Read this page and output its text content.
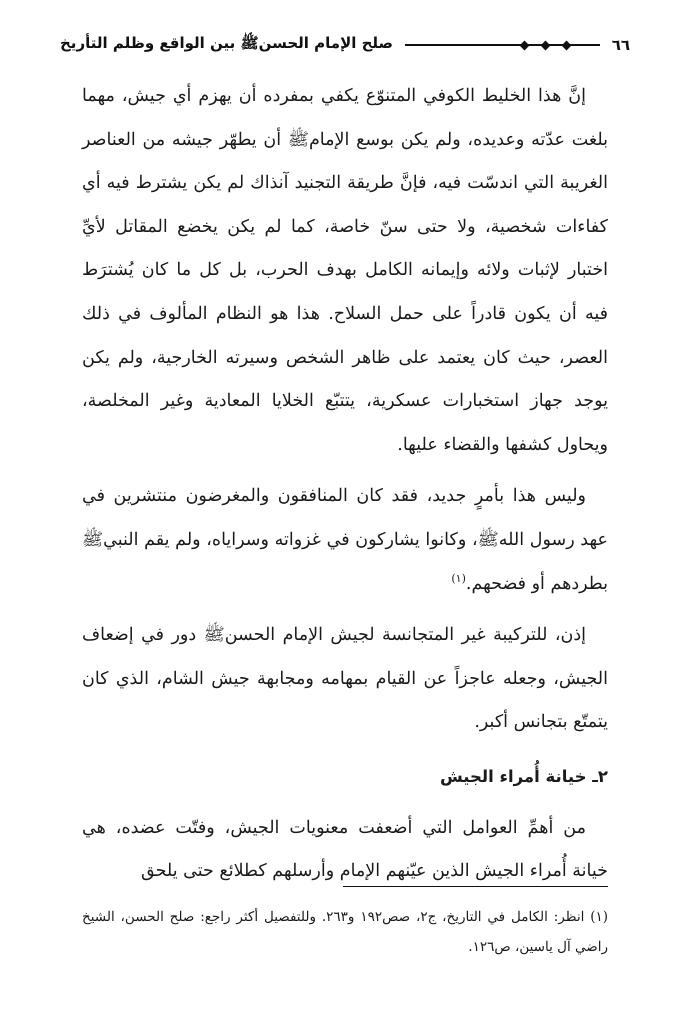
٦٦
صلح الإمام الحسنﷺ بين الواقع وظلم التأريخ

إنَّ هذا الخليط الكوفي المتنوّع يكفي بمفرده أن يهزم أي جيش، مهما بلغت عدّته وعديده، ولم يكن بوسع الإمامﷺ أن يطهّر جيشه من العناصر الغريبة التي اندسّت فيه، فإنَّ طريقة التجنيد آنذاك لم يكن يشترط فيه أي كفاءات شخصية، ولا حتى سنّ خاصة، كما لم يكن يخضع المقاتل لأيِّ اختبار لإثبات ولائه وإيمانه الكامل بهدف الحرب، بل كل ما كان يُشترَط فيه أن يكون قادراً على حمل السلاح. هذا هو النظام المألوف في ذلك العصر، حيث كان يعتمد على ظاهر الشخص وسيرته الخارجية، ولم يكن يوجد جهاز استخبارات عسكرية، يتتبّع الخلايا المعادية وغير المخلصة، ويحاول كشفها والقضاء عليها.

وليس هذا بأمرٍ جديد، فقد كان المنافقون والمغرضون منتشرين في عهد رسول اللهﷺ، وكانوا يشاركون في غزواته وسراياه، ولم يقم النبيﷺ بطردهم أو فضحهم.$^{(١)}$

إذن، للتركيبة غير المتجانسة لجيش الإمام الحسنﷺ دور في إضعاف الجيش، وجعله عاجزاً عن القيام بمهامه ومجابهة جيش الشام، الذي كان يتمتّع بتجانس أكبر.

٢ـ خيانة أُمراء الجيش

من أهمِّ العوامل التي أضعفت معنويات الجيش، وفتّت عضده، هي خيانة أُمراء الجيش الذين عيّنهم الإمام وأرسلهم كطلائع حتى يلحق

(١) انظر: الكامل في التاريخ، ج٢، صص١٩٢ و٢٦٣. وللتفصيل أكثر راجع: صلح الحسن، الشيخ راضي آل ياسين، ص١٢٦.
